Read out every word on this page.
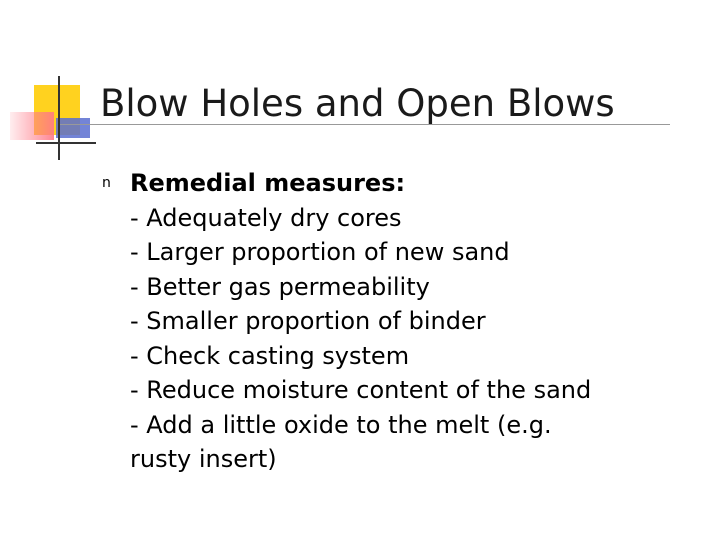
Blow Holes and Open Blows
n Remedial measures:
- Adequately dry cores
- Larger proportion of new sand
- Better gas permeability
- Smaller proportion of binder
- Check casting system
- Reduce moisture content of the sand
- Add a little oxide to the melt (e.g.
rusty insert)
